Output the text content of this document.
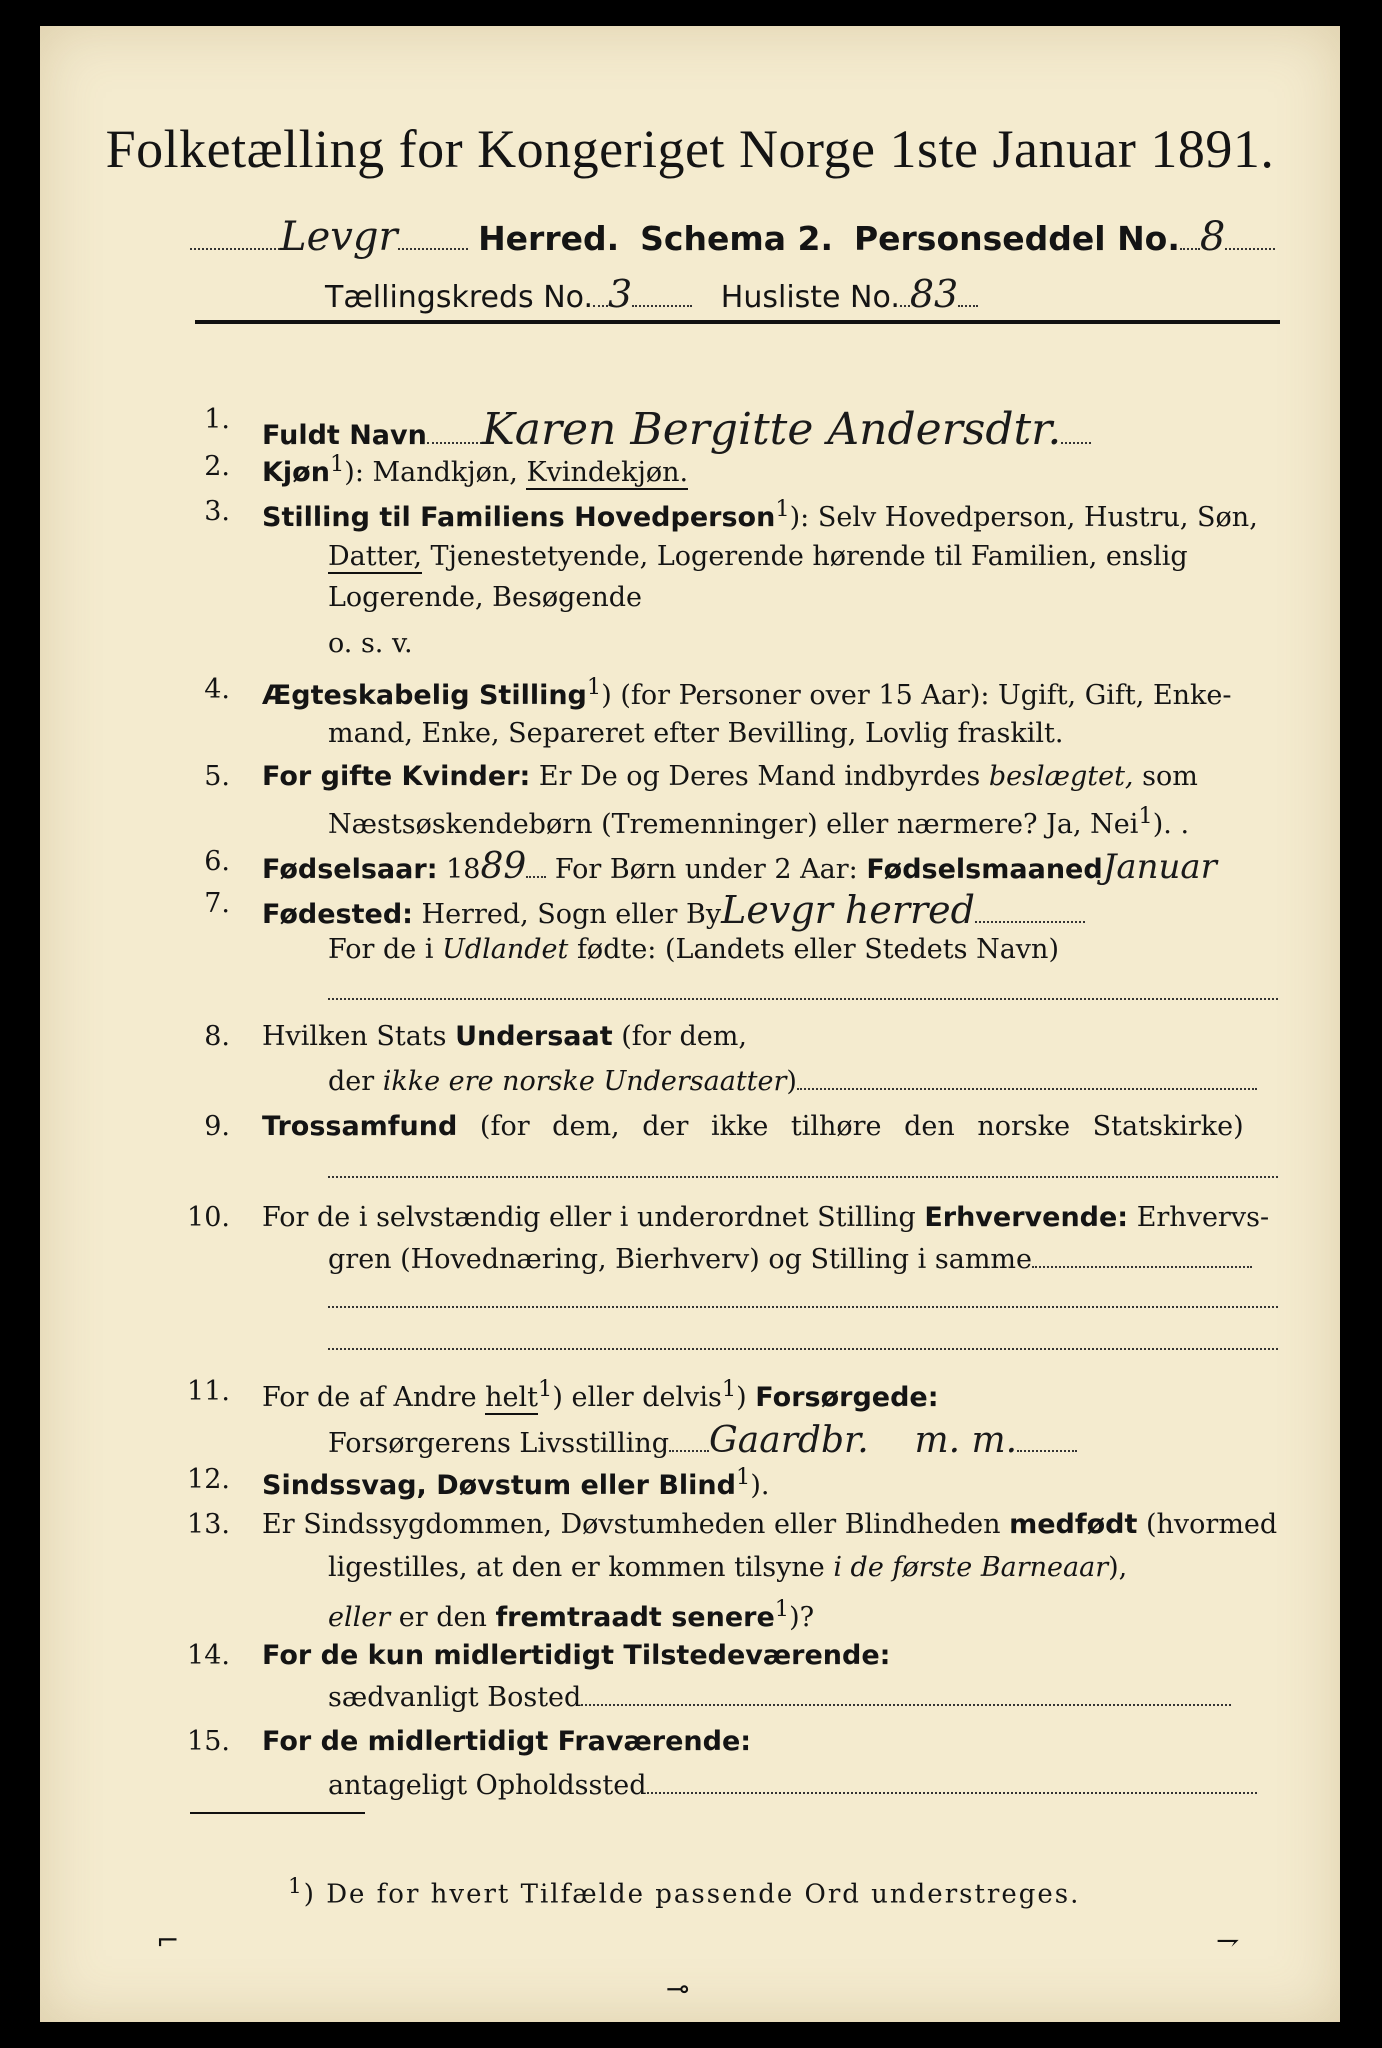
Folketælling for Kongeriget Norge 1ste Januar 1891.
Levgr Herred. Schema 2. Personseddel No. 8
Tællingskreds No. 3	Husliste No. 83
1.
Fuldt Navn Karen Bergitte Andersdtr.
2. Kjøn$^1$): Mandkjøn, Kvindekjøn.
3. Stilling til Familiens Hovedperson$^1$): Selv Hovedperson, Hustru, Søn,
Datter, Tjenestetyende, Logerende hørende til Familien, enslig
Logerende, Besøgende
o. s. v.
4. Ægteskabelig Stilling$^1$) (for Personer over 15 Aar): Ugift, Gift, Enke-
mand, Enke, Separeret efter Bevilling, Lovlig fraskilt.
5. For gifte Kvinder: Er De og Deres Mand indbyrdes beslægtet, som
Næstsøskendebørn (Tremenninger) eller nærmere? Ja, Nei$^1$). .
6. Fødselsaar: 1889 For Børn under 2 Aar: FødselsmaanedJanuar
7. Fødested: Herred, Sogn eller ByLevgr herred
For de i Udlandet fødte: (Landets eller Stedets Navn)
8. Hvilken Stats Undersaat (for dem,
der ikke ere norske Undersaatter)
9. Trossamfund (for dem, der ikke tilhøre den norske Statskirke)
10. For de i selvstændig eller i underordnet Stilling Erhvervende: Erhvervs-
gren (Hovednæring, Bierhverv) og Stilling i samme
11. For de af Andre helt$^1$) eller delvis$^1$) Forsørgede:
Forsørgerens Livsstilling Gaardbr.    m. m.
12. Sindssvag, Døvstum eller Blind$^1$).
13. Er Sindssygdommen, Døvstumheden eller Blindheden medfødt (hvormed
ligestilles, at den er kommen tilsyne i de første Barneaar),
eller er den fremtraadt senere$^1$)?
14. For de kun midlertidigt Tilstedeværende:
sædvanligt Bosted
15. For de midlertidigt Fraværende:
antageligt Opholdssted
$^1$) De for hvert Tilfælde passende Ord understreges.
⌐
⊸
⇁
